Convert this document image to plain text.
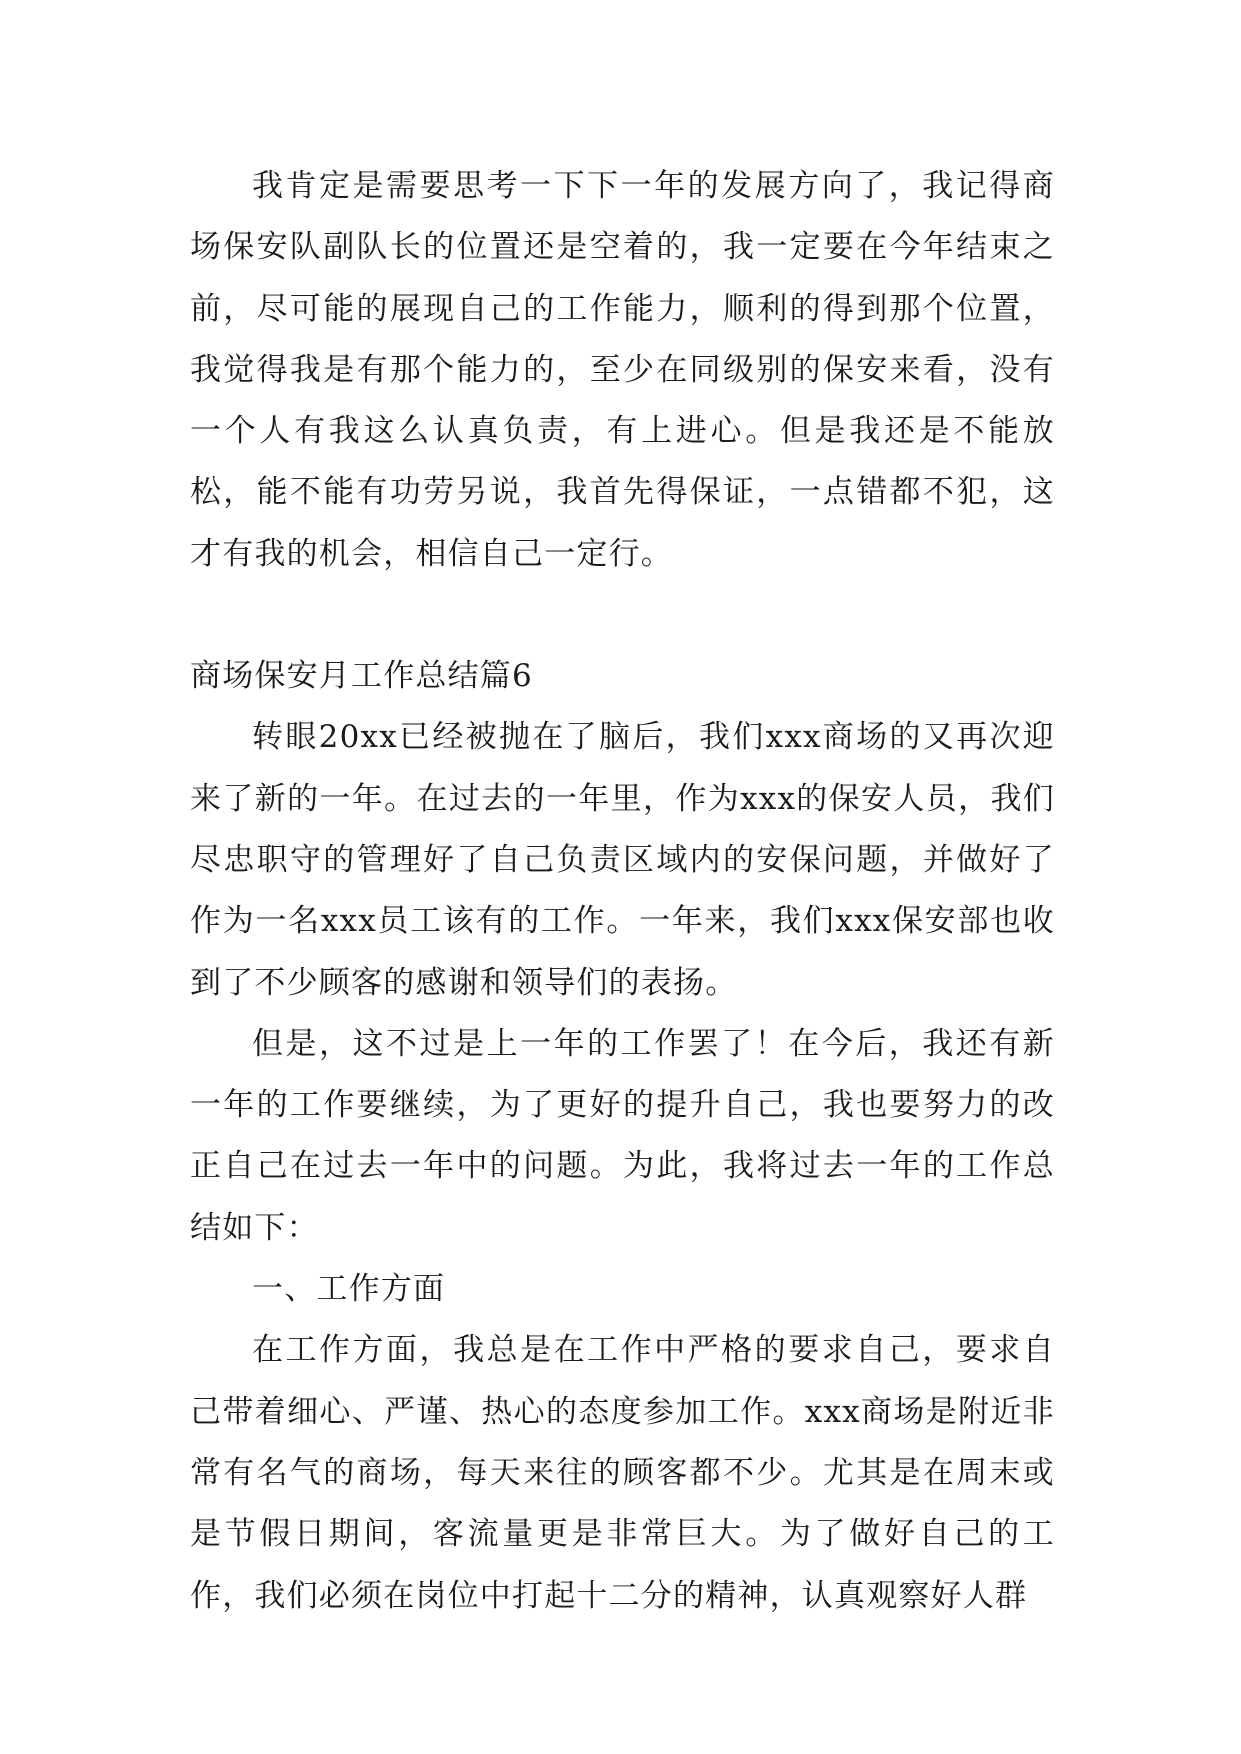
我肯定是需要思考一下下一年的发展方向了，我记得商场保安队副队长的位置还是空着的，我一定要在今年结束之前，尽可能的展现自己的工作能力，顺利的得到那个位置，我觉得我是有那个能力的，至少在同级别的保安来看，没有一个人有我这么认真负责，有上进心。但是我还是不能放松，能不能有功劳另说，我首先得保证，一点错都不犯，这才有我的机会，相信自己一定行。

商场保安月工作总结篇6

转眼20xx已经被抛在了脑后，我们xxx商场的又再次迎来了新的一年。在过去的一年里，作为xxx的保安人员，我们尽忠职守的管理好了自己负责区域内的安保问题，并做好了作为一名xxx员工该有的工作。一年来，我们xxx保安部也收到了不少顾客的感谢和领导们的表扬。

但是，这不过是上一年的工作罢了！在今后，我还有新一年的工作要继续，为了更好的提升自己，我也要努力的改正自己在过去一年中的问题。为此，我将过去一年的工作总结如下：

一、工作方面

在工作方面，我总是在工作中严格的要求自己，要求自己带着细心、严谨、热心的态度参加工作。xxx商场是附近非常有名气的商场，每天来往的顾客都不少。尤其是在周末或是节假日期间，客流量更是非常巨大。为了做好自己的工作，我们必须在岗位中打起十二分的精神，认真观察好人群
